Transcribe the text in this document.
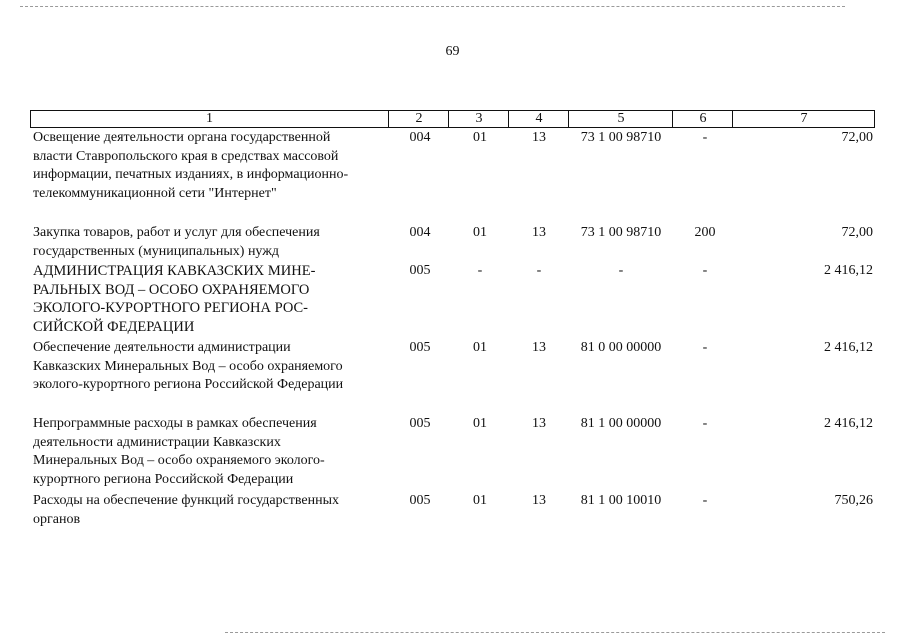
69
1	2	3	4	5	6	7
Освещение деятельности органа государственной
власти Ставропольского края в средствах массовой
информации, печатных изданиях, в информационно-
телекоммуникационной сети "Интернет"
004	01	13	73 1 00 98710	-	72,00
Закупка товаров, работ и услуг для обеспечения
государственных (муниципальных) нужд
004	01	13	73 1 00 98710	200	72,00
АДМИНИСТРАЦИЯ КАВКАЗСКИХ МИНЕ-
РАЛЬНЫХ ВОД – ОСОБО ОХРАНЯЕМОГО
ЭКОЛОГО-КУРОРТНОГО РЕГИОНА РОС-
СИЙСКОЙ ФЕДЕРАЦИИ
005	-	-	-	-	2 416,12
Обеспечение деятельности администрации
Кавказских Минеральных Вод – особо охраняемого
эколого-курортного региона Российской Федерации
005	01	13	81 0 00 00000	-	2 416,12
Непрограммные расходы в рамках обеспечения
деятельности администрации Кавказских
Минеральных Вод – особо охраняемого эколого-
курортного региона Российской Федерации
005	01	13	81 1 00 00000	-	2 416,12
Расходы на обеспечение функций государственных
органов
005	01	13	81 1 00 10010	-	750,26
